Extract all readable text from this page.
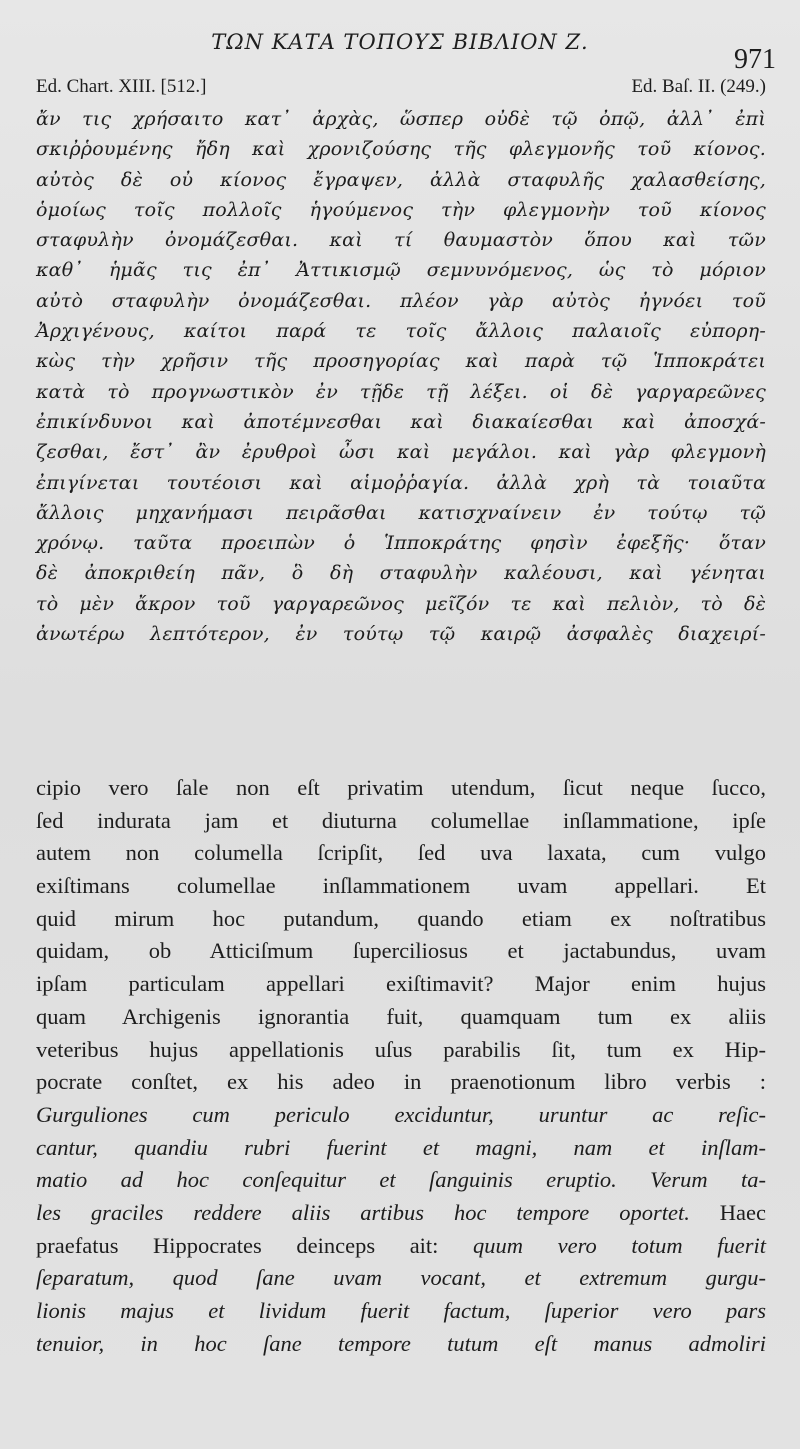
ΤΩΝ ΚΑΤΑ ΤΟΠΟΥΣ ΒΙΒΛΙΟΝ Ζ.
971
Ed. Chart. XIII. [512.]	Ed. Baſ. II. (249.)
ἄν τις χρήσαιτο κατ᾽ ἀρχὰς, ὥσπερ οὐδὲ τῷ ὀπῷ, ἀλλ᾽ ἐπὶ
σκιῤῥουμένης ἤδη καὶ χρονιζούσης τῆς φλεγμονῆς τοῦ κίονος.
αὐτὸς δὲ οὐ κίονος ἔγραψεν, ἀλλὰ σταφυλῆς χαλασθείσης,
ὁμοίως τοῖς πολλοῖς ἡγούμενος τὴν φλεγμονὴν τοῦ κίονος
σταφυλὴν ὀνομάζεσθαι. καὶ τί θαυμαστὸν ὅπου καὶ τῶν
καθ᾽ ἡμᾶς τις ἐπ᾽ Ἀττικισμῷ σεμνυνόμενος, ὡς τὸ μόριον
αὐτὸ σταφυλὴν ὀνομάζεσθαι. πλέον γὰρ αὐτὸς ἠγνόει τοῦ
Ἀρχιγένους, καίτοι παρά τε τοῖς ἄλλοις παλαιοῖς εὐπορη-
κὼς τὴν χρῆσιν τῆς προσηγορίας καὶ παρὰ τῷ Ἱπποκράτει
κατὰ τὸ προγνωστικὸν ἐν τῇδε τῇ λέξει. οἱ δὲ γαργαρεῶνες
ἐπικίνδυνοι καὶ ἀποτέμνεσθαι καὶ διακαίεσθαι καὶ ἀποσχά-
ζεσθαι, ἔστ᾽ ἂν ἐρυθροὶ ὦσι καὶ μεγάλοι. καὶ γὰρ φλεγμονὴ
ἐπιγίνεται τουτέοισι καὶ αἱμοῤῥαγία. ἀλλὰ χρὴ τὰ τοιαῦτα
ἄλλοις μηχανήμασι πειρᾶσθαι κατισχναίνειν ἐν τούτῳ τῷ
χρόνῳ. ταῦτα προειπὼν ὁ Ἱπποκράτης φησὶν ἐφεξῆς· ὅταν
δὲ ἀποκριθείη πᾶν, ὃ δὴ σταφυλὴν καλέουσι, καὶ γένηται
τὸ μὲν ἄκρον τοῦ γαργαρεῶνος μεῖζόν τε καὶ πελιὸν, τὸ δὲ
ἀνωτέρω λεπτότερον, ἐν τούτῳ τῷ καιρῷ ἀσφαλὲς διαχειρί-
cipio vero ſale non eſt privatim utendum, ſicut neque ſucco,
ſed indurata jam et diuturna columellae inſlammatione, ipſe
autem non columella ſcripſit, ſed uva laxata, cum vulgo
exiſtimans columellae inſlammationem uvam appellari. Et
quid mirum hoc putandum, quando etiam ex noſtratibus
quidam, ob Atticiſmum ſuperciliosus et jactabundus, uvam
ipſam particulam appellari exiſtimavit? Major enim hujus
quam Archigenis ignorantia fuit, quamquam tum ex aliis
veteribus hujus appellationis uſus parabilis ſit, tum ex Hip-
pocrate conſtet, ex his adeo in praenotionum libro verbis :
Gurguliones cum periculo exciduntur, uruntur ac reſic-
cantur, quandiu rubri fuerint et magni, nam et inſlam-
matio ad hoc conſequitur et ſanguinis eruptio. Verum ta-
les graciles reddere aliis artibus hoc tempore oportet. Haec
praefatus Hippocrates deinceps ait: quum vero totum fuerit
ſeparatum, quod ſane uvam vocant, et extremum gurgu-
lionis majus et lividum fuerit factum, ſuperior vero pars
tenuior, in hoc ſane tempore tutum eſt manus admoliri
